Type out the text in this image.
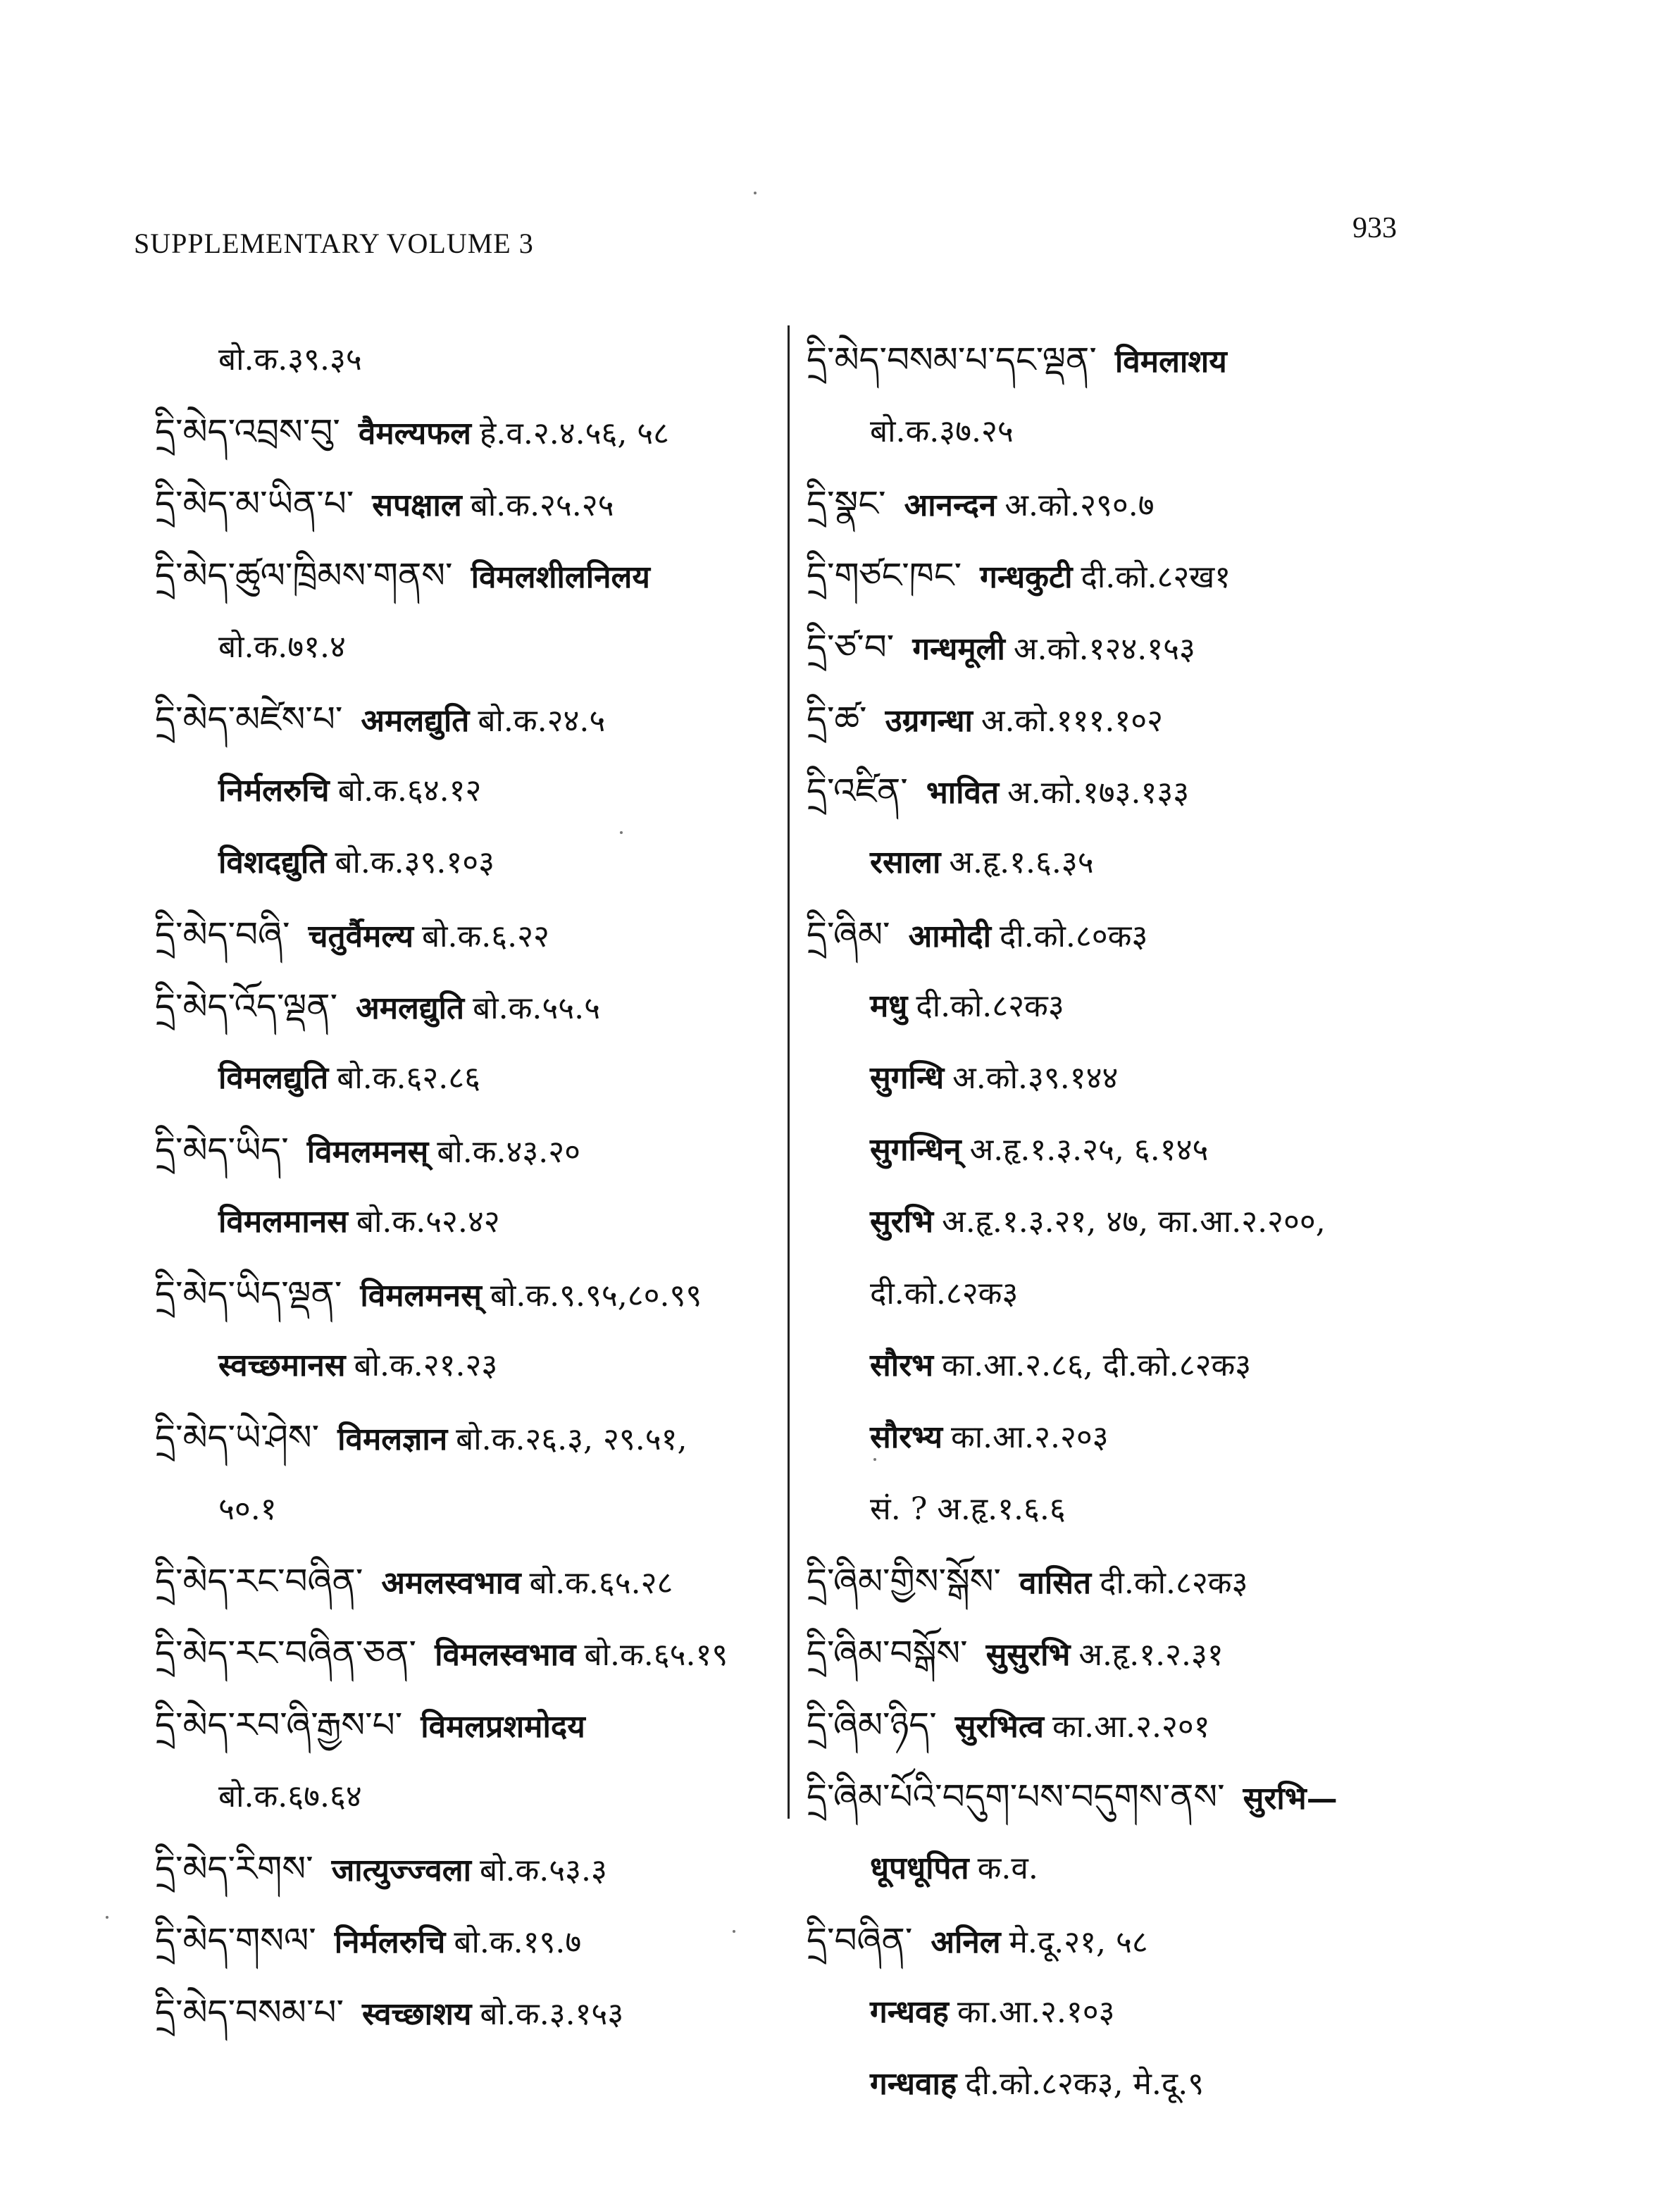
SUPPLEMENTARY VOLUME 3	933
बो.क.३९.३५
དྲི་མེད་འབྲས་བུ་ वैमल्यफल हे.व.२.४.५६, ५८
དྲི་མེད་མ་ཡིན་པ་ सपक्षाल बो.क.२५.२५
དྲི་མེད་ཚུལ་ཁྲིམས་གནས་ विमलशीलनिलय
बो.क.७१.४
དྲི་མེད་མཛེས་པ་ अमलद्युति बो.क.२४.५
निर्मलरुचि बो.क.६४.१२
विशदद्युति बो.क.३९.१०३
དྲི་མེད་བཞི་ चतुर्वैमल्य बो.क.६.२२
དྲི་མེད་འོད་ལྡན་ अमलद्युति बो.क.५५.५
विमलद्युति बो.क.६२.८६
དྲི་མེད་ཡིད་ विमलमनस् बो.क.४३.२०
विमलमानस बो.क.५२.४२
དྲི་མེད་ཡིད་ལྡན་ विमलमनस् बो.क.९.९५,८०.९९
स्वच्छमानस बो.क.२१.२३
དྲི་མེད་ཡེ་ཤེས་ विमलज्ञान बो.क.२६.३, २९.५१,
५०.१
དྲི་མེད་རང་བཞིན་ अमलस्वभाव बो.क.६५.२८
དྲི་མེད་རང་བཞིན་ཅན་ विमलस्वभाव बो.क.६५.१९
དྲི་མེད་རབ་ཞི་རྒྱས་པ་ विमलप्रशमोदय
बो.क.६७.६४
དྲི་མེད་རིགས་ जात्युज्ज्वला बो.क.५३.३
དྲི་མེད་གསལ་ निर्मलरुचि बो.क.१९.७
དྲི་མེད་བསམ་པ་ स्वच्छाशय बो.क.३.१५३
དྲི་མེད་བསམ་པ་དང་ལྡན་ विमलाशय
बो.क.३७.२५
དྲི་སྣང་ आनन्दन अ.को.२९०.७
དྲི་གཙང་ཁང་ गन्धकुटी दी.को.८२ख१
དྲི་ཙ་བ་ गन्धमूली अ.को.१२४.१५३
དྲི་ཚ་ उग्रगन्धा अ.को.१११.१०२
དྲི་འཛིན་ भावित अ.को.१७३.१३३
रसाला अ.हृ.१.६.३५
དྲི་ཞིམ་ आमोदी दी.को.८०क३
मधु दी.को.८२क३
सुगन्धि अ.को.३९.१४४
सुगन्धिन् अ.हृ.१.३.२५, ६.१४५
सुरभि अ.हृ.१.३.२१, ४७, का.आ.२.२००,
दी.को.८२क३
सौरभ का.आ.२.८६, दी.को.८२क३
सौरभ्य का.आ.२.२०३
सं. ? अ.हृ.१.६.६
དྲི་ཞིམ་གྱིས་སྒོས་ वासित दी.को.८२क३
དྲི་ཞིམ་བསྒོས་ सुसुरभि अ.हृ.१.२.३१
དྲི་ཞིམ་ཉིད་ सुरभित्व का.आ.२.२०१
དྲི་ཞིམ་པོའི་བདུག་པས་བདུགས་ནས་ सुरभि—
धूपधूपित क.व.
དྲི་བཞིན་ अनिल मे.दू.२१, ५८
गन्धवह का.आ.२.१०३
गन्धवाह दी.को.८२क३, मे.दू.९
